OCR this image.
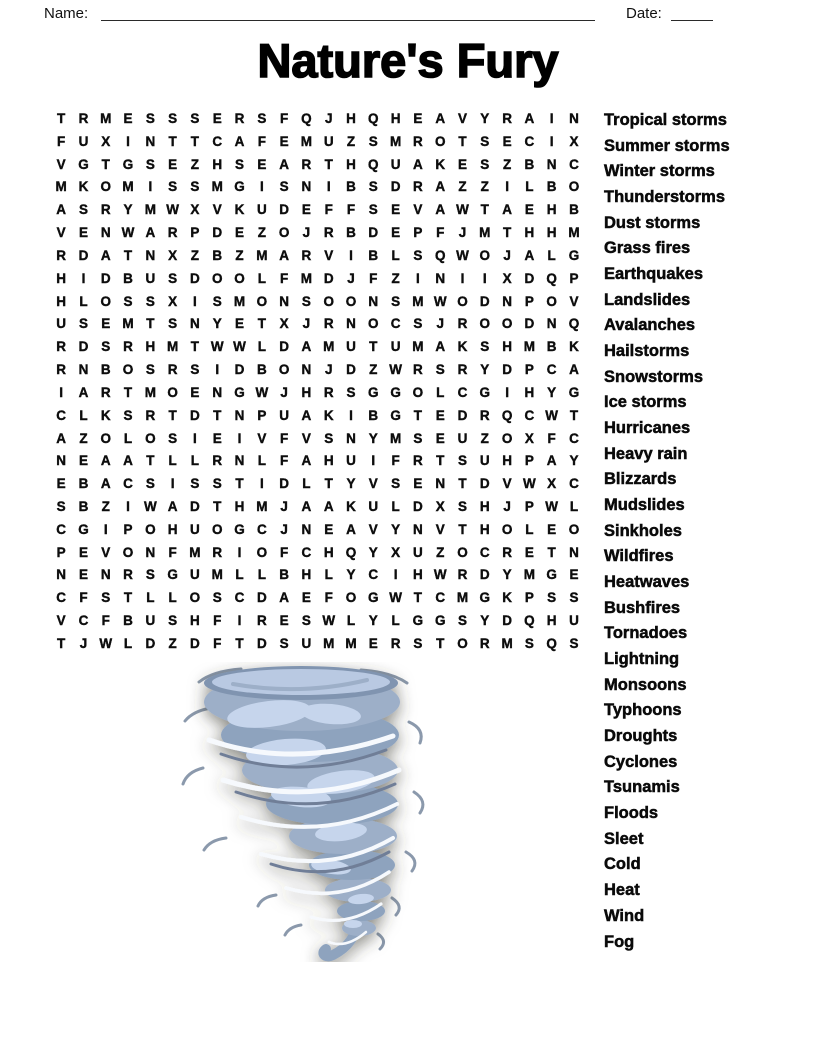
Name:	Date:
Nature's Fury
T R M E S S S E R S	F Q J	H Q H E A V Y R A	I	N
F U X	I	N T	T C A F	E M U Z	S M R O T	S E C	I	X
V G T G S E	Z H S E A R T H Q U A K E S	Z B N C
M K O M	I	S S M G	I	S N	I	B S D R A Z	Z	I	L B O
A S R Y M W X V K U D E	F	F	S E V A W T A E H B
V E N W A R P D E	Z O J	R B D E P	F	J M T H H M
R D A T N X	Z B Z M A R V	I	B L	S Q W O J	A L G
H	I	D B U S D O O L	F M D	J	F	Z	I	N	I	I	X D Q P
H L O S S X	I	S M O N S O O N S M W O D N P O V
U S E M T	S N Y E	T	X	J	R N O C S	J	R O O D N Q
R D S R H M T W W L D A M U T U M A K S H M B K
R N B O S R S	I	D B O N	J	D Z W R S R Y D P C A
I	A R T M O E N G W J	H R S G G O L C G	I	H Y G
C L K S R T D T N P U A K	I	B G T	E D R Q C W T
A Z O L O S	I	E	I	V	F	V S N Y M S E U Z O X	F C
N E A A T	L	L R N L	F A H U	I	F R T	S U H P A Y
E B A C S	I	S S	T	I	D L	T	Y V S E N T D V W X C
S B Z	I	W A D T H M J	A A K U L D X S H	J	P W L
C G	I	P O H U O G C	J	N E A V Y N V	T H O L	E O
P E V O N F M R	I	O F C H Q Y X U Z O C R E	T N
N E N R S G U M L	L B H L	Y C	I	H W R D Y M G E
C F	S	T	L	L O S C D A E	F O G W T C M G K P S S
V C F B U S H F	I	R E S W L	Y	L G G S Y D Q H U
T	J W L D Z D F	T D S U M M E R S	T O R M S Q S
Tropical storms
Summer storms
Winter storms
Thunderstorms
Dust storms
Grass fires
Earthquakes
Landslides
Avalanches
Hailstorms
Snowstorms
Ice storms
Hurricanes
Heavy rain
Blizzards
Mudslides
Sinkholes
Wildfires
Heatwaves
Bushfires
Tornadoes
Lightning
Monsoons
Typhoons
Droughts
Cyclones
Tsunamis
Floods
Sleet
Cold
Heat
Wind
Fog
